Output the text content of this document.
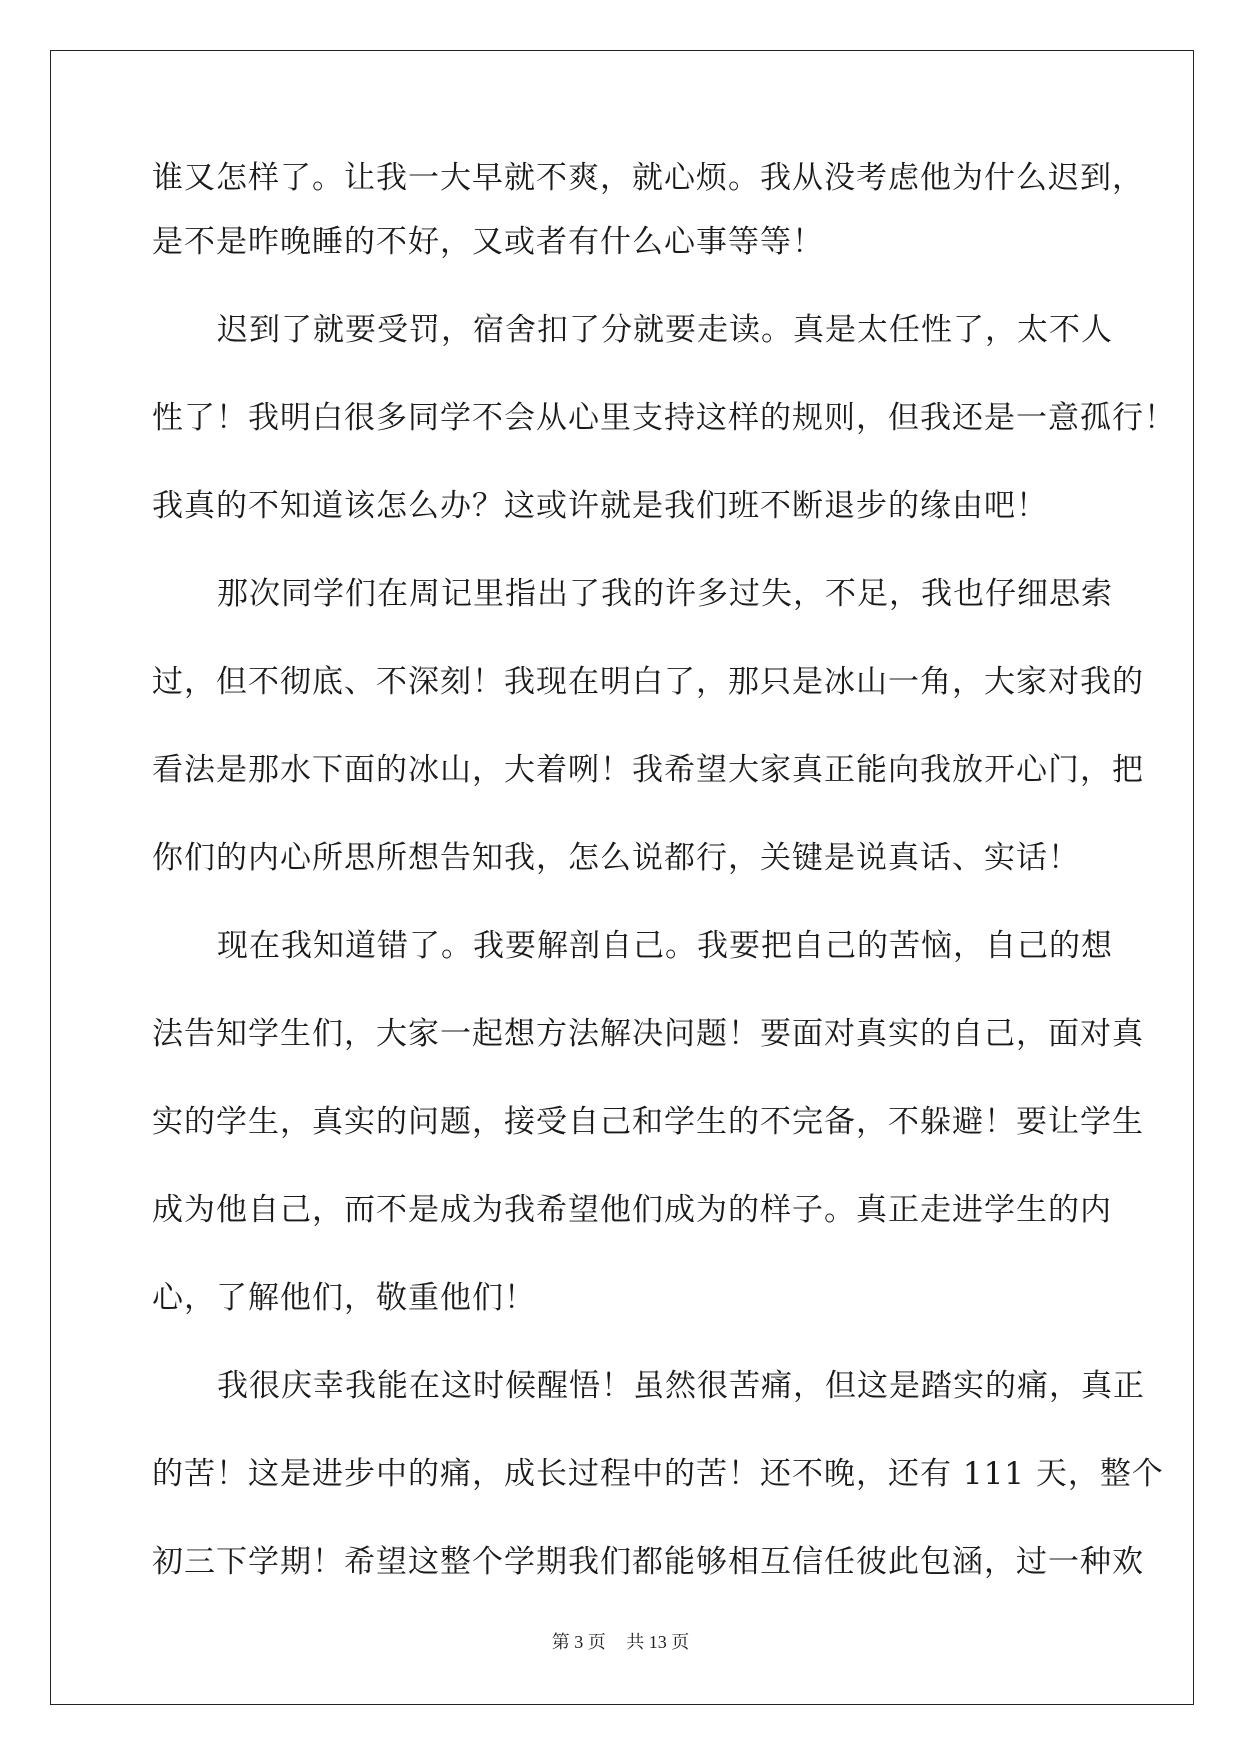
谁又怎样了。让我一大早就不爽，就心烦。我从没考虑他为什么迟到，
是不是昨晚睡的不好，又或者有什么心事等等！
迟到了就要受罚，宿舍扣了分就要走读。真是太任性了，太不人
性了！我明白很多同学不会从心里支持这样的规则，但我还是一意孤行！
我真的不知道该怎么办？这或许就是我们班不断退步的缘由吧！
那次同学们在周记里指出了我的许多过失，不足，我也仔细思索
过，但不彻底、不深刻！我现在明白了，那只是冰山一角，大家对我的
看法是那水下面的冰山，大着咧！我希望大家真正能向我放开心门，把
你们的内心所思所想告知我，怎么说都行，关键是说真话、实话！
现在我知道错了。我要解剖自己。我要把自己的苦恼，自己的想
法告知学生们，大家一起想方法解决问题！要面对真实的自己，面对真
实的学生，真实的问题，接受自己和学生的不完备，不躲避！要让学生
成为他自己，而不是成为我希望他们成为的样子。真正走进学生的内
心，了解他们，敬重他们！
我很庆幸我能在这时候醒悟！虽然很苦痛，但这是踏实的痛，真正
的苦！这是进步中的痛，成长过程中的苦！还不晚，还有 111 天，整个
初三下学期！希望这整个学期我们都能够相互信任彼此包涵，过一种欢
第 3 页 共 13 页
